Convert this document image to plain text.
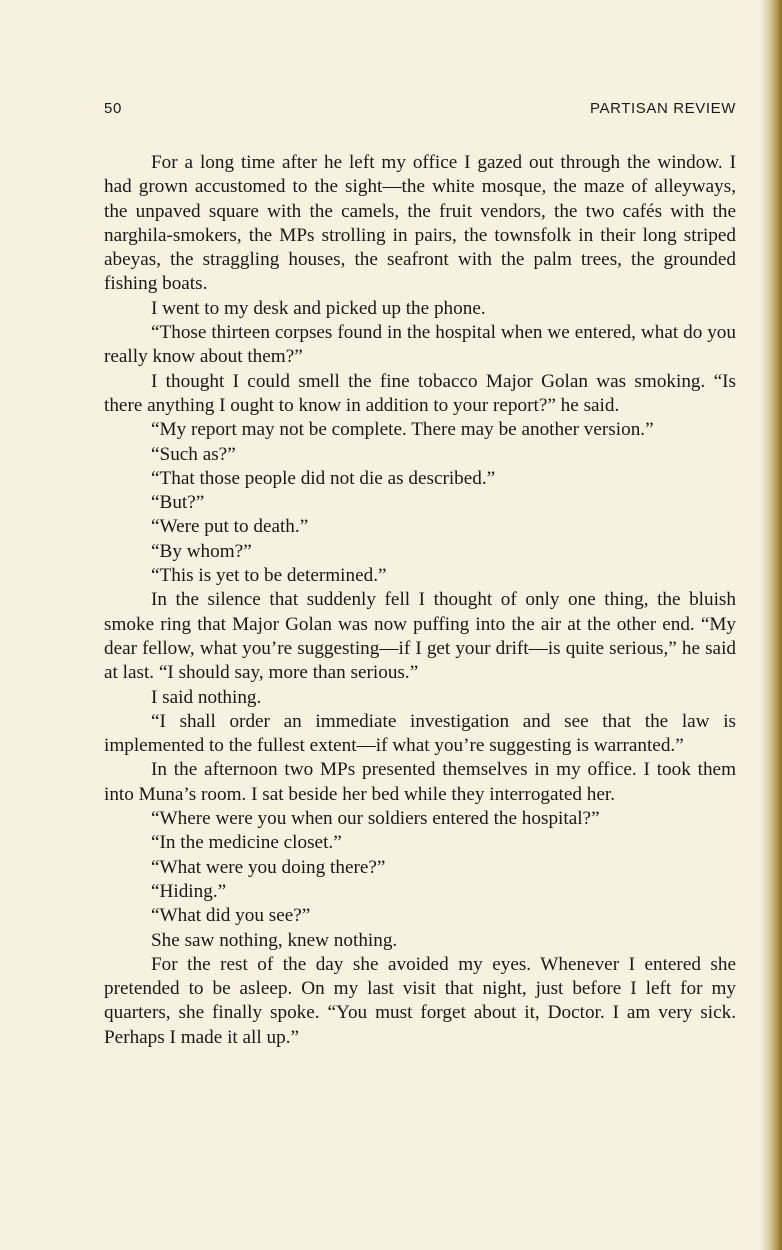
50	PARTISAN REVIEW

For a long time after he left my office I gazed out through the window. I had grown accustomed to the sight—the white mosque, the maze of alleyways, the unpaved square with the camels, the fruit vendors, the two cafés with the narghila-smokers, the MPs strolling in pairs, the townsfolk in their long striped abeyas, the straggling houses, the seafront with the palm trees, the grounded fishing boats.

I went to my desk and picked up the phone.

“Those thirteen corpses found in the hospital when we entered, what do you really know about them?”

I thought I could smell the fine tobacco Major Golan was smoking. “Is there anything I ought to know in addition to your report?” he said.

“My report may not be complete. There may be another version.”

“Such as?”

“That those people did not die as described.”

“But?”

“Were put to death.”

“By whom?”

“This is yet to be determined.”

In the silence that suddenly fell I thought of only one thing, the bluish smoke ring that Major Golan was now puffing into the air at the other end. “My dear fellow, what you’re suggesting—if I get your drift—is quite serious,” he said at last. “I should say, more than serious.”

I said nothing.

“I shall order an immediate investigation and see that the law is implemented to the fullest extent—if what you’re suggesting is warranted.”

In the afternoon two MPs presented themselves in my office. I took them into Muna’s room. I sat beside her bed while they interrogated her.

“Where were you when our soldiers entered the hospital?”

“In the medicine closet.”

“What were you doing there?”

“Hiding.”

“What did you see?”

She saw nothing, knew nothing.

For the rest of the day she avoided my eyes. Whenever I entered she pretended to be asleep. On my last visit that night, just before I left for my quarters, she finally spoke. “You must forget about it, Doctor. I am very sick. Perhaps I made it all up.”
